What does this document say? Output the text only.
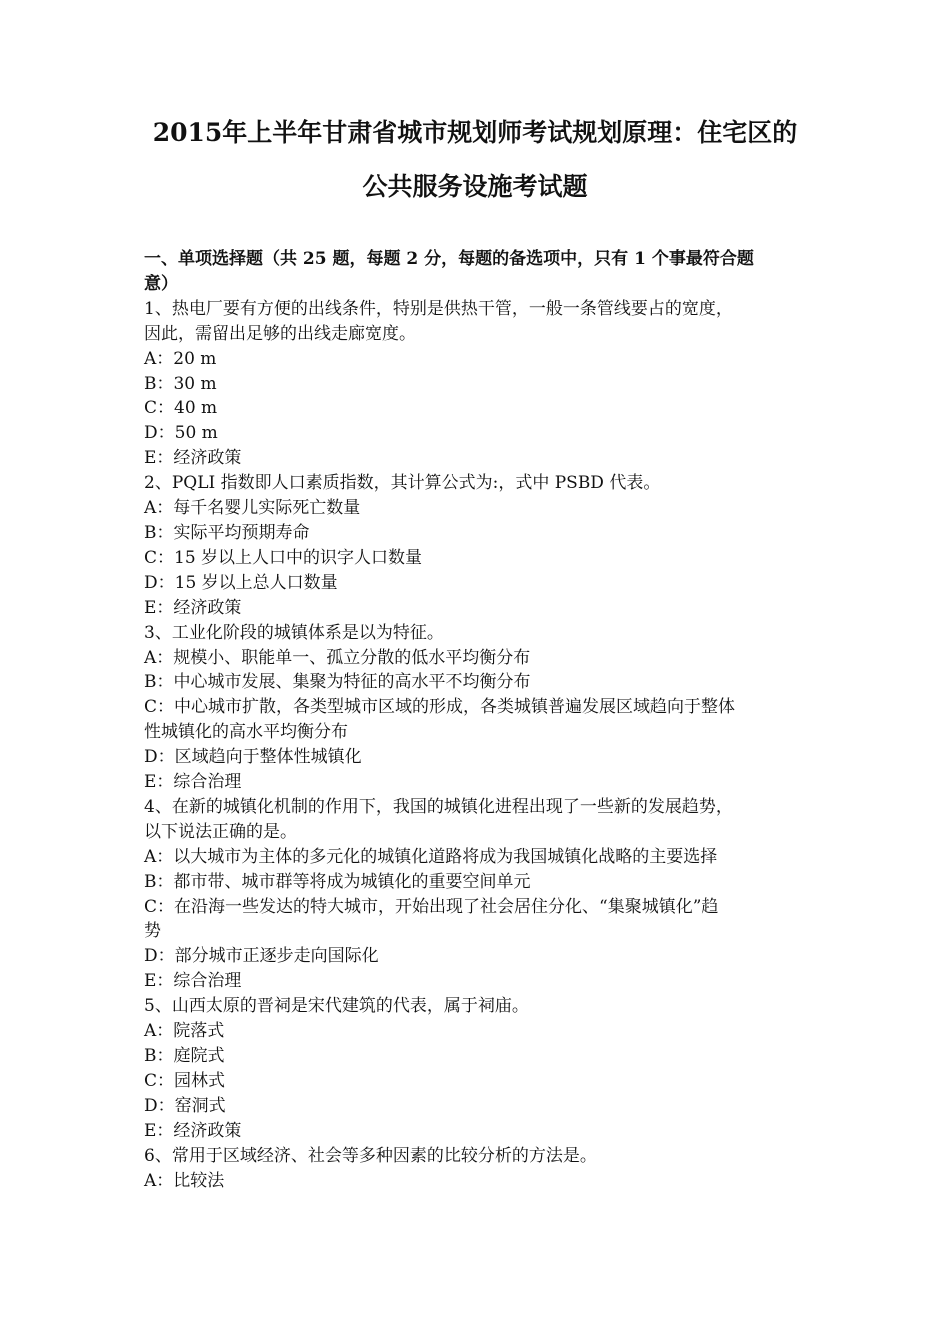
2015年上半年甘肃省城市规划师考试规划原理：住宅区的
公共服务设施考试题
一、单项选择题（共 25 题，每题 2 分，每题的备选项中，只有 1 个事最符合题
意）
1、热电厂要有方便的出线条件，特别是供热干管，一般一条管线要占的宽度，
因此，需留出足够的出线走廊宽度。
A：20 m
B：30 m
C：40 m
D：50 m
E：经济政策
2、PQLI 指数即人口素质指数，其计算公式为:，式中 PSBD 代表。
A：每千名婴儿实际死亡数量
B：实际平均预期寿命
C：15 岁以上人口中的识字人口数量
D：15 岁以上总人口数量
E：经济政策
3、工业化阶段的城镇体系是以为特征。
A：规模小、职能单一、孤立分散的低水平均衡分布
B：中心城市发展、集聚为特征的高水平不均衡分布
C：中心城市扩散，各类型城市区域的形成，各类城镇普遍发展区域趋向于整体
性城镇化的高水平均衡分布
D：区域趋向于整体性城镇化
E：综合治理
4、在新的城镇化机制的作用下，我国的城镇化进程出现了一些新的发展趋势，
以下说法正确的是。
A：以大城市为主体的多元化的城镇化道路将成为我国城镇化战略的主要选择
B：都市带、城市群等将成为城镇化的重要空间单元
C：在沿海一些发达的特大城市，开始出现了社会居住分化、“集聚城镇化”趋
势
D：部分城市正逐步走向国际化
E：综合治理
5、山西太原的晋祠是宋代建筑的代表，属于祠庙。
A：院落式
B：庭院式
C：园林式
D：窑洞式
E：经济政策
6、常用于区域经济、社会等多种因素的比较分析的方法是。
A：比较法
